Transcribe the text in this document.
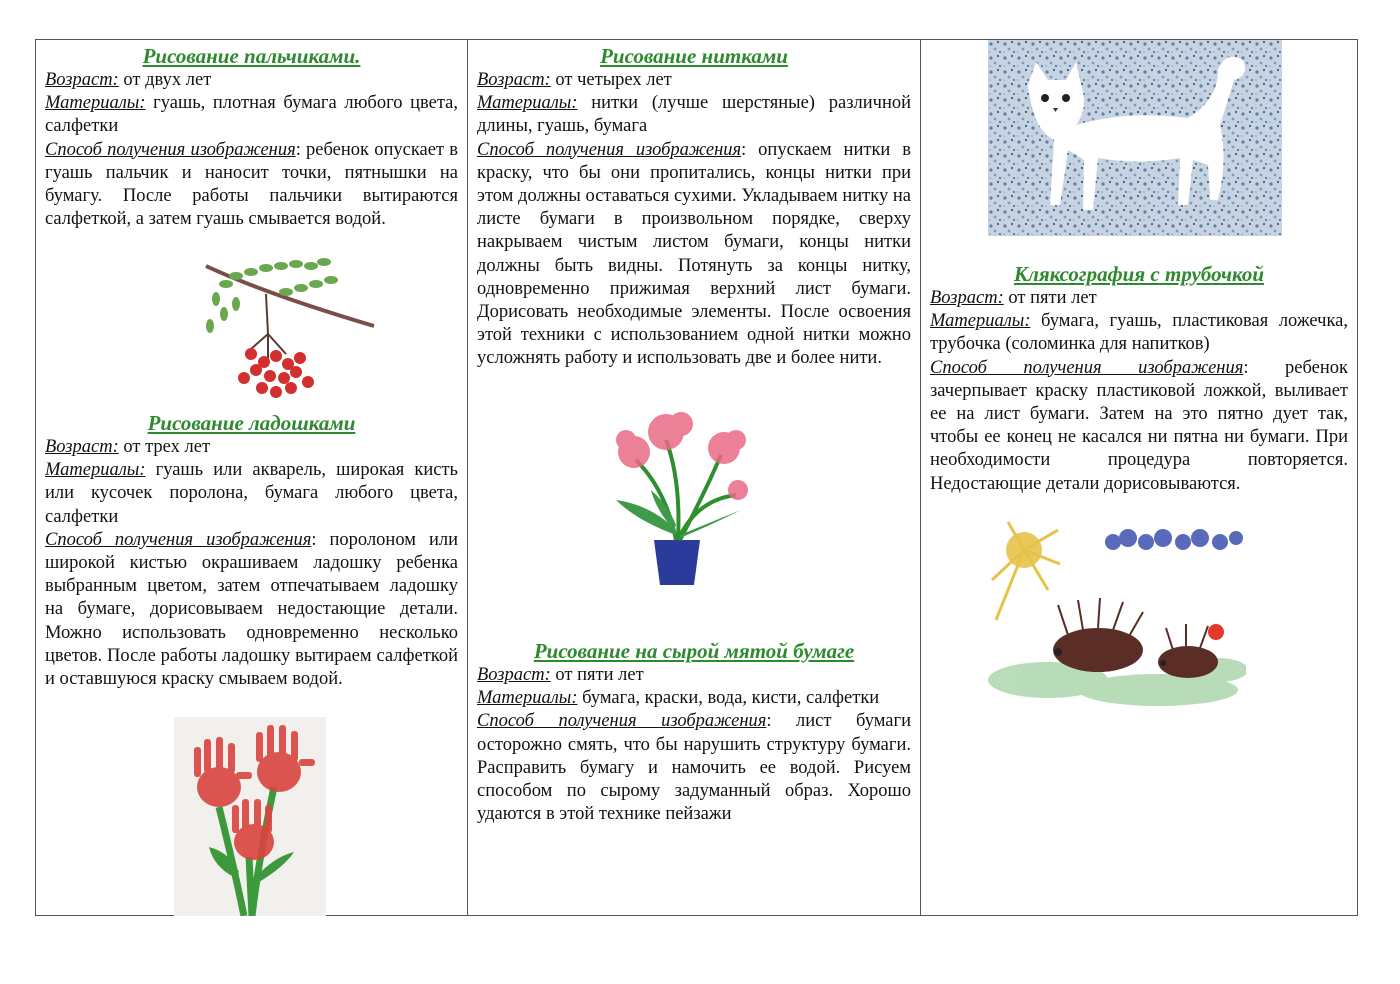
Рисование пальчиками.

Возраст: от двух лет

Материалы: гуашь, плотная бумага любого цвета, салфетки

Способ получения изображения: ребенок опускает в гуашь пальчик и наносит точки, пятнышки на бумагу. После работы пальчики вытираются салфеткой, а затем гуашь смывается водой.

Рисование ладошками

Возраст: от трех лет

Материалы: гуашь или акварель, широкая кисть или кусочек поролона, бумага любого цвета, салфетки

Способ получения изображения: поролоном или широкой кистью окрашиваем ладошку ребенка выбранным цветом, затем отпечатываем ладошку на бумаге, дорисовываем недостающие детали. Можно использовать одновременно несколько цветов. После работы ладошку вытираем салфеткой и оставшуюся краску смываем водой.

Рисование нитками

Возраст: от четырех лет

Материалы: нитки (лучше шерстяные) различной длины, гуашь, бумага

Способ получения изображения: опускаем нитки в краску, что бы они пропитались, концы нитки при этом должны оставаться сухими. Укладываем нитку на листе бумаги в произвольном порядке, сверху накрываем чистым листом бумаги, концы нитки должны быть видны. Потянуть за концы нитку, одновременно прижимая верхний лист бумаги. Дорисовать необходимые элементы. После освоения этой техники с использованием одной нитки можно усложнять работу и использовать две и более нити.

Рисование на сырой мятой бумаге

Возраст: от пяти лет

Материалы: бумага, краски, вода, кисти, салфетки

Способ получения изображения: лист бумаги осторожно смять, что бы нарушить структуру бумаги. Расправить бумагу и намочить ее водой. Рисуем способом по сырому задуманный образ. Хорошо удаются в этой технике пейзажи

Кляксография с трубочкой

Возраст: от пяти лет

Материалы: бумага, гуашь, пластиковая ложечка, трубочка (соломинка для напитков)

Способ получения изображения: ребенок зачерпывает краску пластиковой ложкой, выливает ее на лист бумаги. Затем на это пятно дует так, чтобы ее конец не касался ни пятна ни бумаги. При необходимости процедура повторяется. Недостающие детали дорисовываются.
